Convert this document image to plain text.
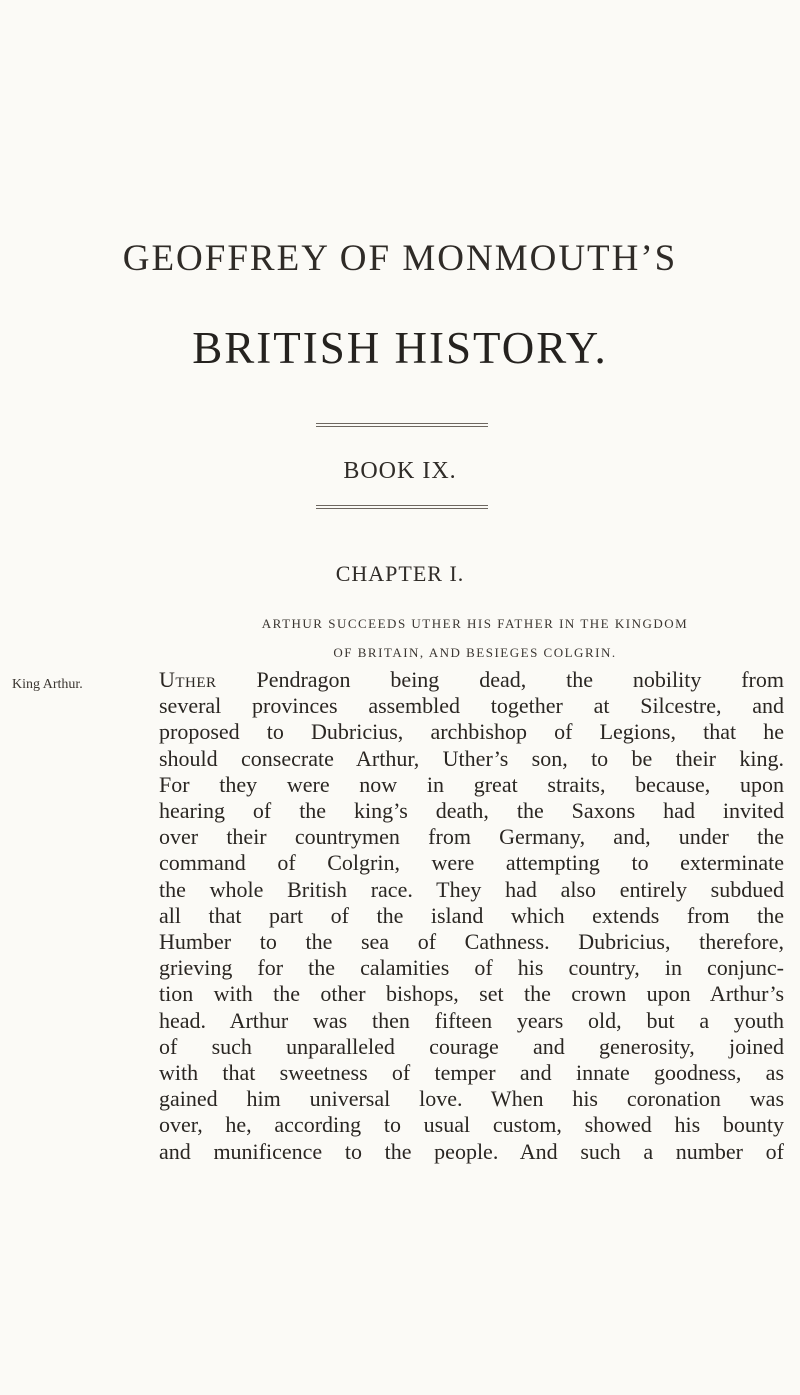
GEOFFREY OF MONMOUTH’S
BRITISH HISTORY.
BOOK IX.
CHAPTER I.
ARTHUR SUCCEEDS UTHER HIS FATHER IN THE KINGDOM
OF BRITAIN, AND BESIEGES COLGRIN.
King Arthur.	Uther Pendragon being dead, the nobility from
several provinces assembled together at Silcestre, and
proposed to Dubricius, archbishop of Legions, that he
should consecrate Arthur, Uther’s son, to be their king.
For they were now in great straits, because, upon
hearing of the king’s death, the Saxons had invited
over their countrymen from Germany, and, under the
command of Colgrin, were attempting to exterminate
the whole British race. They had also entirely subdued
all that part of the island which extends from the
Humber to the sea of Cathness. Dubricius, therefore,
grieving for the calamities of his country, in conjunc-
tion with the other bishops, set the crown upon Arthur’s
head. Arthur was then fifteen years old, but a youth
of such unparalleled courage and generosity, joined
with that sweetness of temper and innate goodness, as
gained him universal love. When his coronation was
over, he, according to usual custom, showed his bounty
and munificence to the people. And such a number of
